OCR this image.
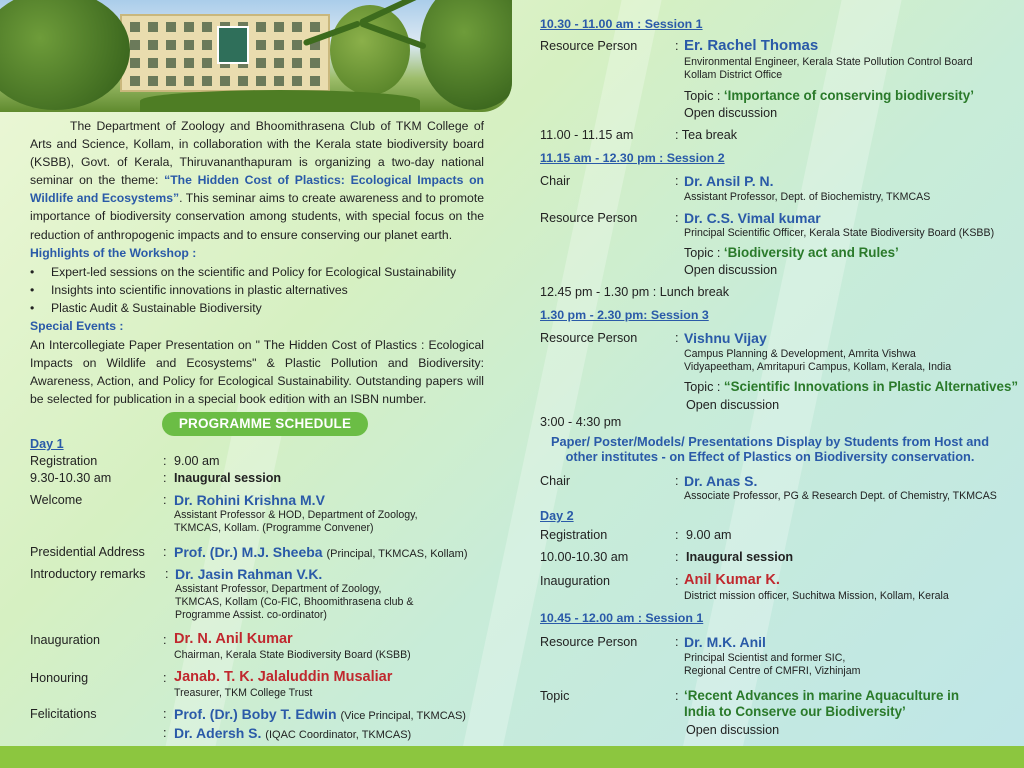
The Department of Zoology and Bhoomithrasena Club of TKM College of Arts and Science, Kollam, in collaboration with the Kerala state biodiversity board (KSBB), Govt. of Kerala, Thiruvananthapuram is organizing a two-day national seminar on the theme: “The Hidden Cost of Plastics: Ecological Impacts on Wildlife and Ecosystems”. This seminar aims to create awareness and to promote importance of biodiversity conservation among students, with special focus on the reduction of anthropogenic impacts and to ensure conserving our planet earth.

Highlights of the Workshop :
• Expert-led sessions on the scientific and Policy for Ecological Sustainability
• Insights into scientific innovations in plastic alternatives
• Plastic Audit & Sustainable Biodiversity
Special Events :

An Intercollegiate Paper Presentation on " The Hidden Cost of Plastics : Ecological Impacts on Wildlife and Ecosystems" & Plastic Pollution and Biodiversity: Awareness, Action, and Policy for Ecological Sustainability. Outstanding papers will be selected for publication in a special book edition with an ISBN number.

PROGRAMME SCHEDULE
Day 1
Registration	: 9.00 am
9.30-10.30 am	: Inaugural session
Welcome	: Dr. Rohini Krishna M.V
Assistant Professor & HOD, Department of Zoology,
TKMCAS, Kollam. (Programme Convener)
Presidential Address : Prof. (Dr.) M.J. Sheeba (Principal, TKMCAS, Kollam)
Introductory remarks : Dr. Jasin Rahman V.K.
Assistant Professor, Department of Zoology,
TKMCAS, Kollam (Co-FIC, Bhoomithrasena club &
Programme Assist. co-ordinator)
Inauguration	: Dr. N. Anil Kumar
Chairman, Kerala State Biodiversity Board (KSBB)
Honouring	: Janab. T. K. Jalaluddin Musaliar
Treasurer, TKM College Trust
Felicitations	: Prof. (Dr.) Boby T. Edwin (Vice Principal, TKMCAS)
: Dr. Adersh S. (IQAC Coordinator, TKMCAS)
10.30 - 11.00 am : Session 1
Resource Person	: Er. Rachel Thomas
Environmental Engineer, Kerala State Pollution Control Board
Kollam District Office
Topic : ‘Importance of conserving biodiversity’
Open discussion
11.00 - 11.15 am	: Tea break
11.15 am - 12.30 pm : Session 2
Chair	: Dr. Ansil P. N.
Assistant Professor, Dept. of Biochemistry, TKMCAS
Resource Person	: Dr. C.S. Vimal kumar
Principal Scientific Officer, Kerala State Biodiversity Board (KSBB)
Topic : ‘Biodiversity act and Rules’
Open discussion
12.45 pm - 1.30 pm : Lunch break
1.30 pm - 2.30 pm: Session 3
Resource Person	: Vishnu Vijay
Campus Planning & Development, Amrita Vishwa
Vidyapeetham, Amritapuri Campus, Kollam, Kerala, India
Topic : “Scientific Innovations in Plastic Alternatives”
Open discussion
3:00 - 4:30 pm
Paper/ Poster/Models/ Presentations Display by Students from Host and
other institutes - on Effect of Plastics on Biodiversity conservation.
Chair	: Dr. Anas S.
Associate Professor, PG & Research Dept. of Chemistry, TKMCAS
Day 2
Registration	: 9.00 am
10.00-10.30 am	: Inaugural session
Inauguration	: Anil Kumar K.
District mission officer, Suchitwa Mission, Kollam, Kerala
10.45 - 12.00 am : Session 1
Resource Person	: Dr. M.K. Anil
Principal Scientist and former SIC,
Regional Centre of CMFRI, Vizhinjam
Topic	: ‘Recent Advances in marine Aquaculture in
India to Conserve our Biodiversity’
Open discussion
